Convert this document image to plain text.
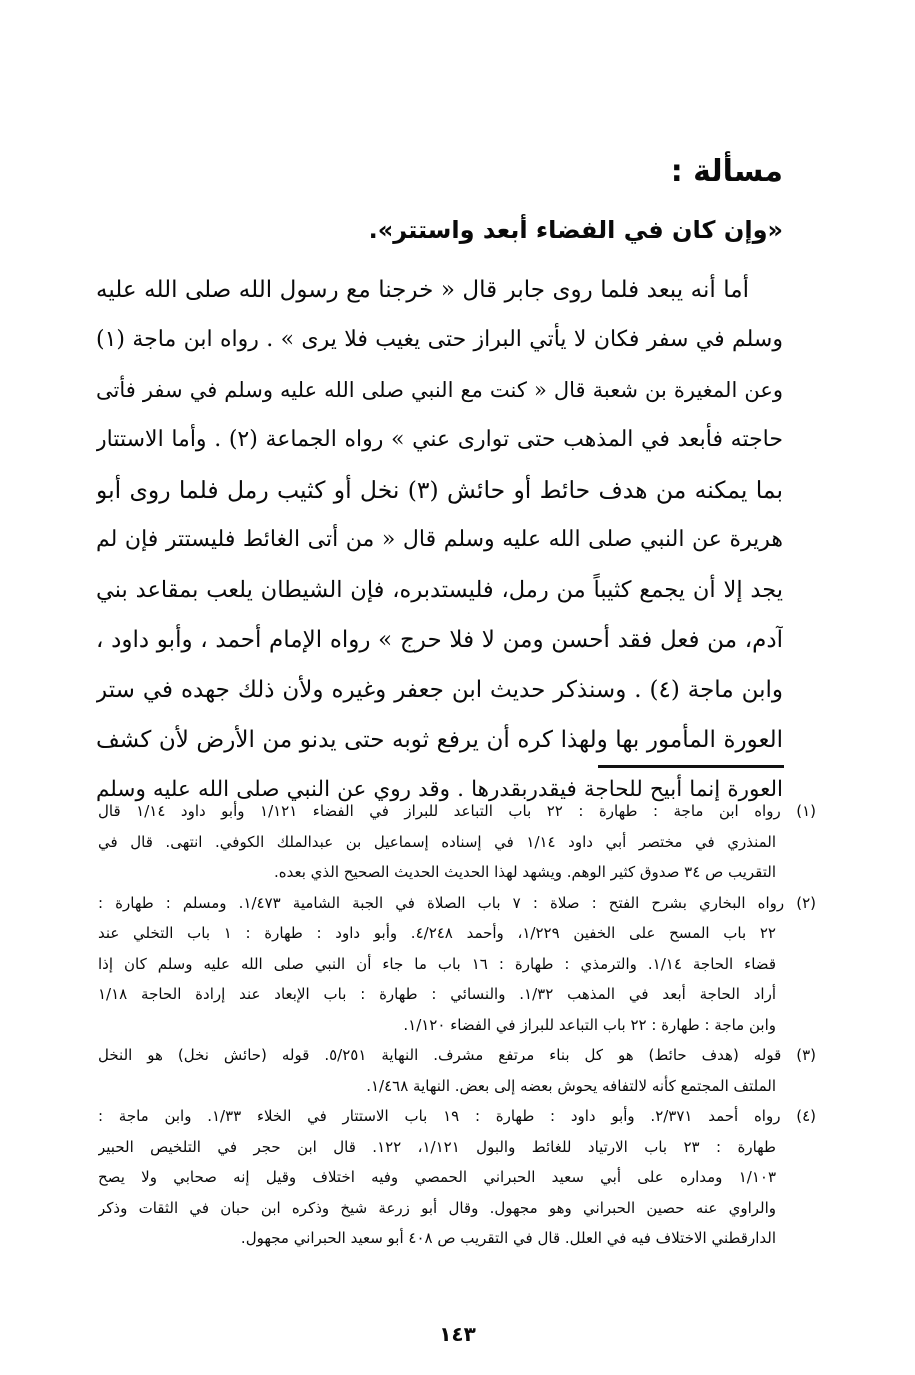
مسألة :
«وإن كان في الفضاء أبعد واستتر».
أما أنه يبعد فلما روى جابر قال « خرجنا مع رسول الله صلى الله عليه
وسلم في سفر فكان لا يأتي البراز حتى يغيب فلا يرى » . رواه ابن ماجة (١)
وعن المغيرة بن شعبة قال « كنت مع النبي صلى الله عليه وسلم في سفر فأتى
حاجته فأبعد في المذهب حتى توارى عني » رواه الجماعة (٢) . وأما الاستتار
بما يمكنه من هدف حائط أو حائش (٣) نخل أو كثيب رمل فلما روى أبو
هريرة عن النبي صلى الله عليه وسلم قال « من أتى الغائط فليستتر فإن لم
يجد إلا أن يجمع كثيباً من رمل، فليستدبره، فإن الشيطان يلعب بمقاعد بني
آدم، من فعل فقد أحسن ومن لا فلا حرج » رواه الإمام أحمد ، وأبو داود ،
وابن ماجة (٤) . وسنذكر حديث ابن جعفر وغيره ولأن ذلك جهده في ستر
العورة المأمور بها ولهذا كره أن يرفع ثوبه حتى يدنو من الأرض لأن كشف
العورة إنما أبيح للحاجة فيقدربقدرها . وقد روي عن النبي صلى الله عليه وسلم
(١) رواه ابن ماجة : طهارة : ٢٢ باب التباعد للبراز في الفضاء ١/١٢١ وأبو داود ١/١٤ قال
المنذري في مختصر أبي داود ١/١٤ في إسناده إسماعيل بن عبدالملك الكوفي. انتهى. قال في
التقريب ص ٣٤ صدوق كثير الوهم. ويشهد لهذا الحديث الحديث الصحيح الذي بعده.
(٢) رواه البخاري بشرح الفتح : صلاة : ٧ باب الصلاة في الجبة الشامية ١/٤٧٣. ومسلم : طهارة :
٢٢ باب المسح على الخفين ١/٢٢٩، وأحمد ٤/٢٤٨. وأبو داود : طهارة : ١ باب التخلي عند
قضاء الحاجة ١/١٤. والترمذي : طهارة : ١٦ باب ما جاء أن النبي صلى الله عليه وسلم كان إذا
أراد الحاجة أبعد في المذهب ١/٣٢. والنسائي : طهارة : باب الإبعاد عند إرادة الحاجة ١/١٨
وابن ماجة : طهارة : ٢٢ باب التباعد للبراز في الفضاء ١/١٢٠.
(٣) قوله (هدف حائط) هو كل بناء مرتفع مشرف. النهاية ٥/٢٥١. قوله (حائش نخل) هو النخل
الملتف المجتمع كأنه لالتفافه يحوش بعضه إلى بعض. النهاية ١/٤٦٨.
(٤) رواه أحمد ٢/٣٧١. وأبو داود : طهارة : ١٩ باب الاستتار في الخلاء ١/٣٣. وابن ماجة :
طهارة : ٢٣ باب الارتياد للغائط والبول ١/١٢١، ١٢٢. قال ابن حجر في التلخيص الحبير
١/١٠٣ ومداره على أبي سعيد الحبراني الحمصي وفيه اختلاف وقيل إنه صحابي ولا يصح
والراوي عنه حصين الحبراني وهو مجهول. وقال أبو زرعة شيخ وذكره ابن حبان في الثقات وذكر
الدارقطني الاختلاف فيه في العلل. قال في التقريب ص ٤٠٨ أبو سعيد الحبراني مجهول.
١٤٣
